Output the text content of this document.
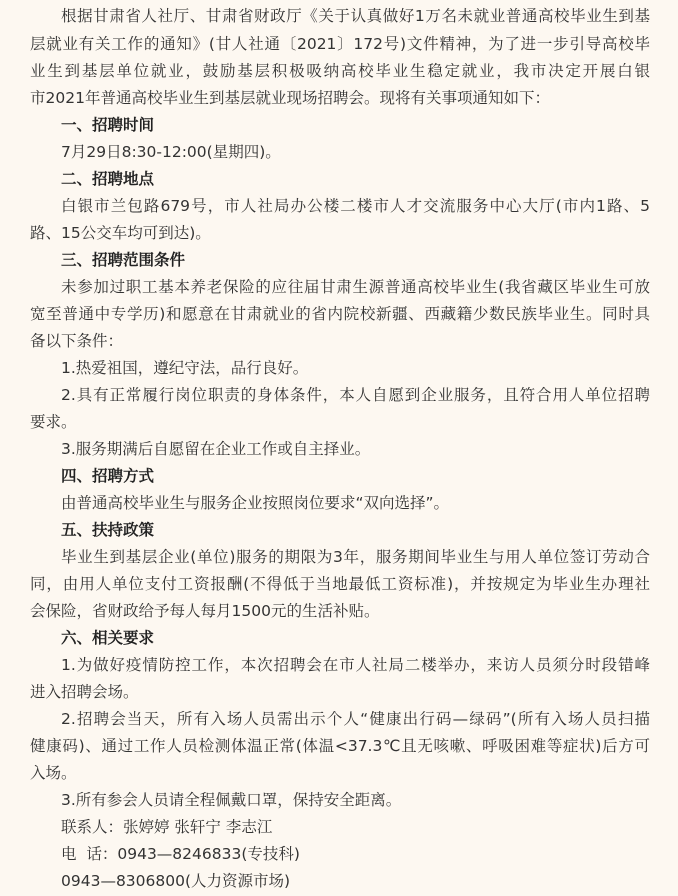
根据甘肃省人社厅、甘肃省财政厅《关于认真做好1万名未就业普通高校毕业生到基
层就业有关工作的通知》(甘人社通〔2021〕172号)文件精神，为了进一步引导高校毕
业生到基层单位就业，鼓励基层积极吸纳高校毕业生稳定就业，我市决定开展白银
市2021年普通高校毕业生到基层就业现场招聘会。现将有关事项通知如下：
一、招聘时间
7月29日8:30-12:00(星期四)。
二、招聘地点
白银市兰包路679号，市人社局办公楼二楼市人才交流服务中心大厅(市内1路、5
路、15公交车均可到达)。
三、招聘范围条件
未参加过职工基本养老保险的应往届甘肃生源普通高校毕业生(我省藏区毕业生可放
宽至普通中专学历)和愿意在甘肃就业的省内院校新疆、西藏籍少数民族毕业生。同时具
备以下条件：
1.热爱祖国，遵纪守法，品行良好。
2.具有正常履行岗位职责的身体条件，本人自愿到企业服务，且符合用人单位招聘
要求。
3.服务期满后自愿留在企业工作或自主择业。
四、招聘方式
由普通高校毕业生与服务企业按照岗位要求“双向选择”。
五、扶持政策
毕业生到基层企业(单位)服务的期限为3年，服务期间毕业生与用人单位签订劳动合
同，由用人单位支付工资报酬(不得低于当地最低工资标准)，并按规定为毕业生办理社
会保险，省财政给予每人每月1500元的生活补贴。
六、相关要求
1.为做好疫情防控工作，本次招聘会在市人社局二楼举办，来访人员须分时段错峰
进入招聘会场。
2.招聘会当天，所有入场人员需出示个人“健康出行码—绿码”(所有入场人员扫描
健康码)、通过工作人员检测体温正常(体温<37.3℃且无咳嗽、呼吸困难等症状)后方可
入场。
3.所有参会人员请全程佩戴口罩，保持安全距离。
联系人：张婷婷 张轩宁 李志江
电  话：0943—8246833(专技科)
0943—8306800(人力资源市场)
